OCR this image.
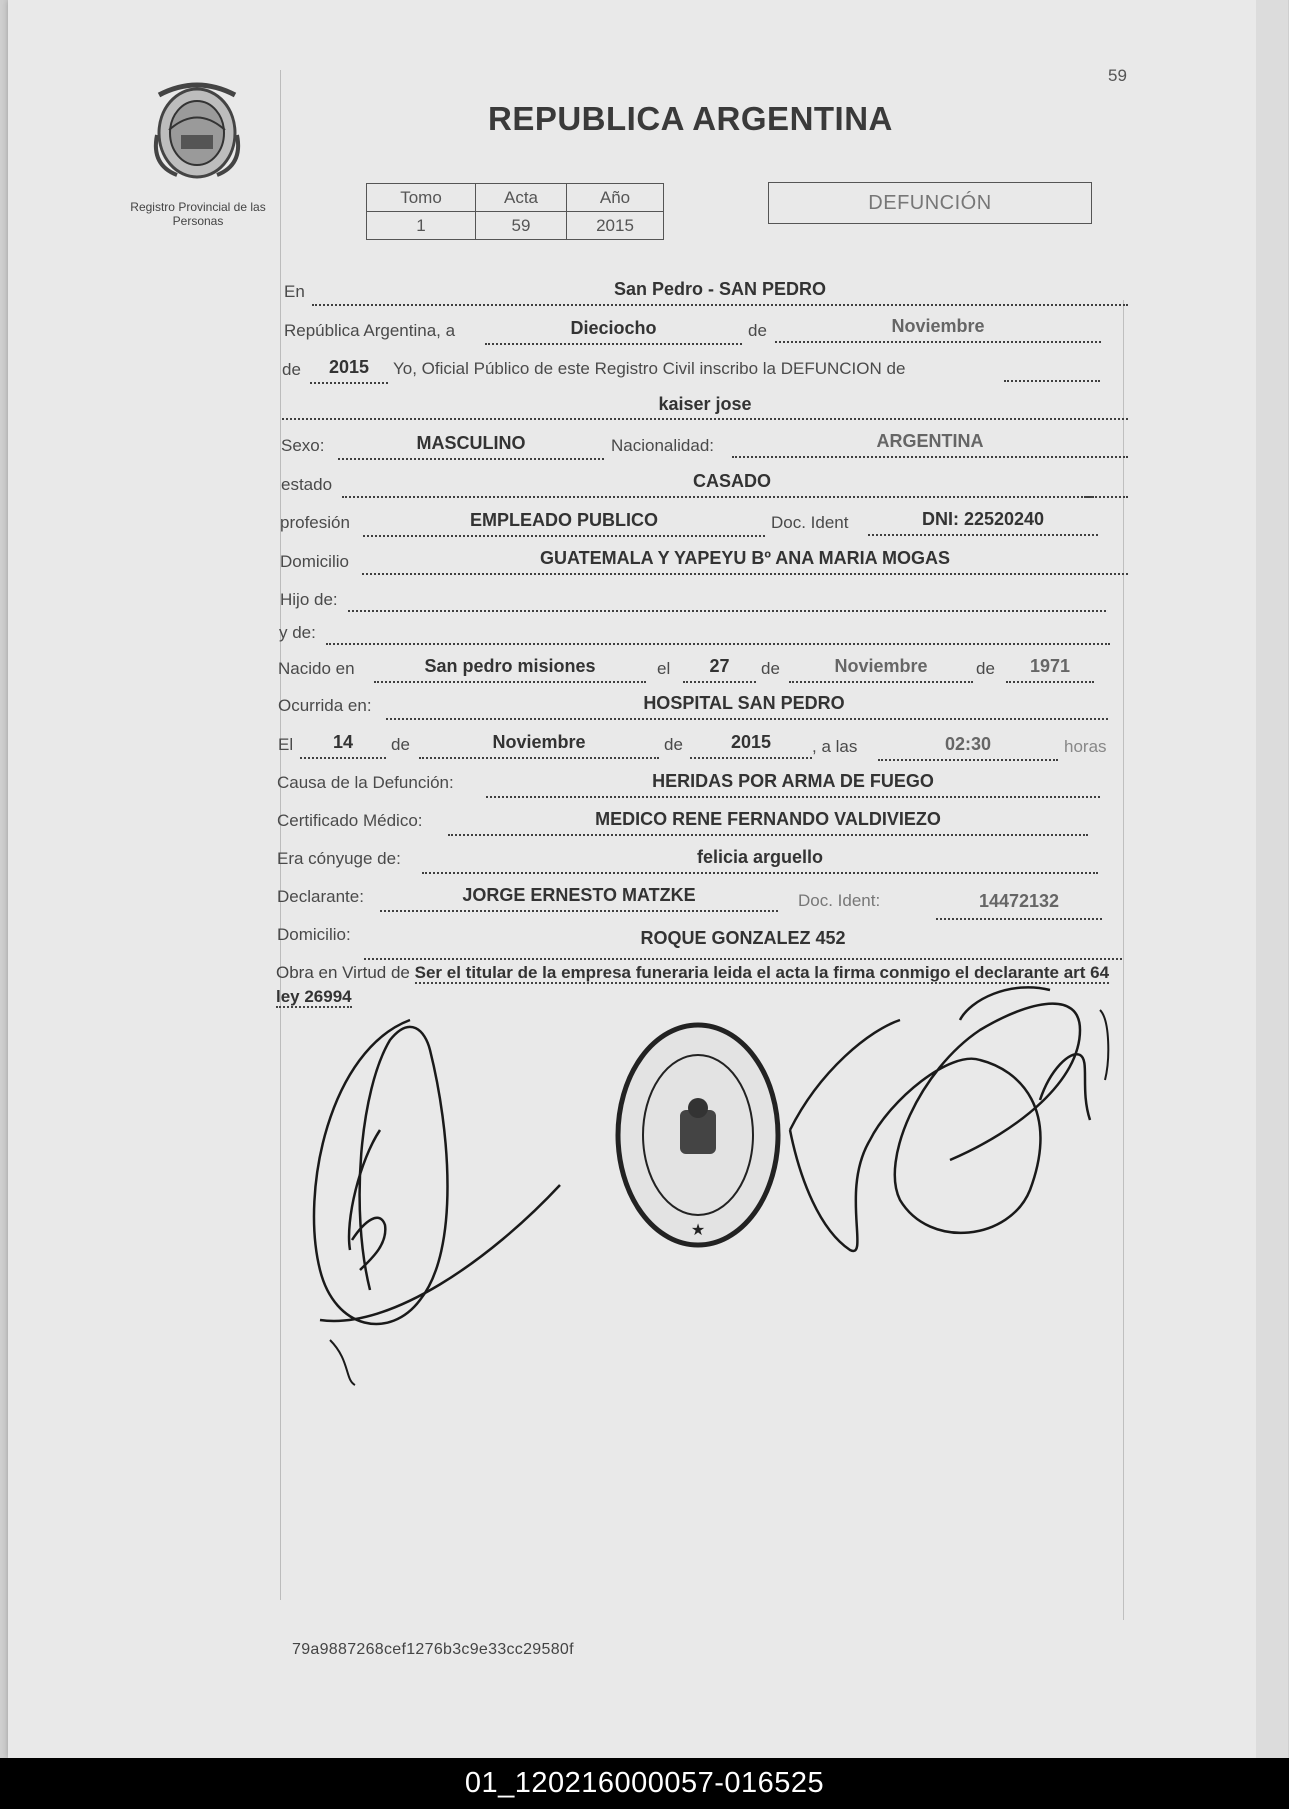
59
Registro Provincial de las Personas
REPUBLICA ARGENTINA
Tomo	Acta	Año
1	59	2015
DEFUNCIÓN
En	San Pedro - SAN PEDRO
República Argentina, a	Dieciocho	de	Noviembre
de	2015	Yo, Oficial Público de este Registro Civil inscribo la DEFUNCION de
kaiser jose
Sexo:	MASCULINO	Nacionalidad:	ARGENTINA
estado	CASADO
profesión	EMPLEADO PUBLICO	Doc. Ident	DNI: 22520240
Domicilio	GUATEMALA Y YAPEYU Bº ANA MARIA MOGAS
Hijo de:
y de:
Nacido en	San pedro misiones	el	27	de	Noviembre	de	1971
Ocurrida en:	HOSPITAL SAN PEDRO
El	14	de	Noviembre	de	2015	, a las	02:30	horas
Causa de la Defunción:	HERIDAS POR ARMA DE FUEGO
Certificado Médico:	MEDICO RENE FERNANDO VALDIVIEZO
Era cónyuge de:	felicia arguello
Declarante:	JORGE ERNESTO MATZKE	Doc. Ident:	14472132
Domicilio:	ROQUE GONZALEZ 452
Obra en Virtud de Ser el titular de la empresa funeraria leida el acta la firma conmigo el declarante art 64 ley 26994
★
79a9887268cef1276b3c9e33cc29580f
01_120216000057-016525
